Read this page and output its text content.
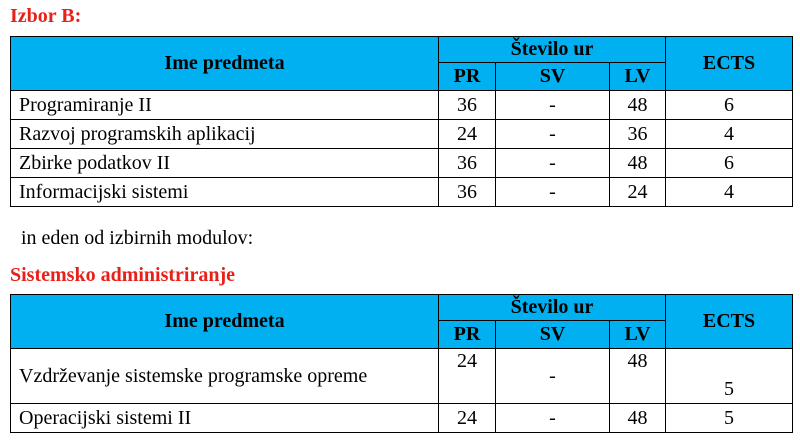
Izbor B:
Ime predmeta	Število ur			ECTS
	PR	SV	LV	
Programiranje II	36	-	48	6
Razvoj programskih aplikacij	24	-	36	4
Zbirke podatkov II	36	-	48	6
Informacijski sistemi	36	-	24	4
in eden od izbirnih modulov:
Sistemsko administriranje
Ime predmeta	Število ur			ECTS
	PR	SV	LV	
Vzdrževanje sistemske programske opreme	24	-	48	5
Operacijski sistemi II	24	-	48	5
